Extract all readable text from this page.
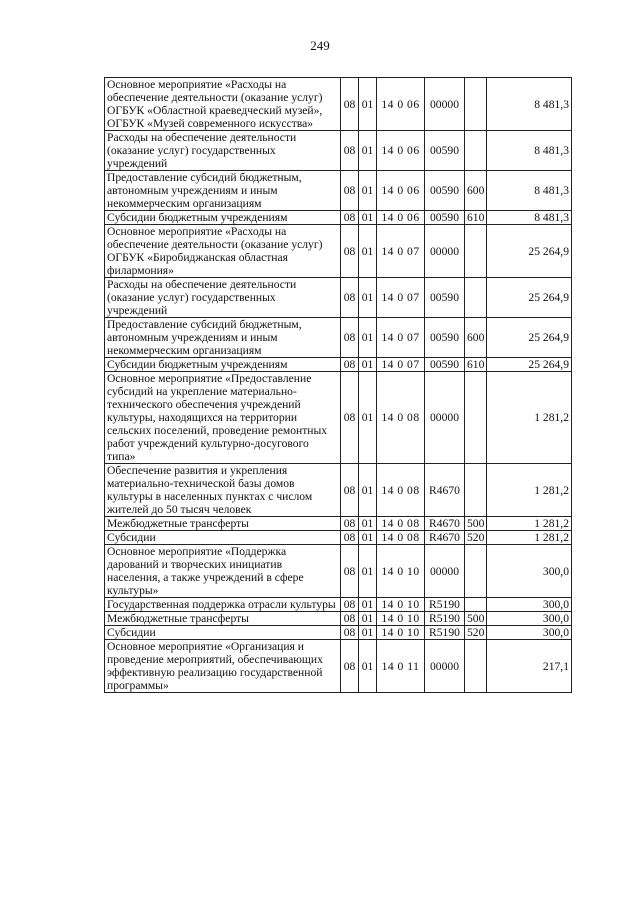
249
Основное мероприятие «Расходы на обеспечение деятельности (оказание услуг) ОГБУК «Областной краеведческий музей», ОГБУК «Музей современного искусства»	08	01	14 0 06	00000		8 481,3
Расходы на обеспечение деятельности (оказание услуг) государственных учреждений	08	01	14 0 06	00590		8 481,3
Предоставление субсидий бюджетным, автономным учреждениям и иным некоммерческим организациям	08	01	14 0 06	00590	600	8 481,3
Субсидии бюджетным учреждениям	08	01	14 0 06	00590	610	8 481,3
Основное мероприятие «Расходы на обеспечение деятельности (оказание услуг) ОГБУК «Биробиджанская областная филармония»	08	01	14 0 07	00000		25 264,9
Расходы на обеспечение деятельности (оказание услуг) государственных учреждений	08	01	14 0 07	00590		25 264,9
Предоставление субсидий бюджетным, автономным учреждениям и иным некоммерческим организациям	08	01	14 0 07	00590	600	25 264,9
Субсидии бюджетным учреждениям	08	01	14 0 07	00590	610	25 264,9
Основное мероприятие «Предоставление субсидий на укрепление материально-технического обеспечения учреждений культуры, находящихся на территории сельских поселений, проведение ремонтных работ учреждений культурно-досугового типа»	08	01	14 0 08	00000		1 281,2
Обеспечение развития и укрепления материально-технической базы домов культуры в населенных пунктах с числом жителей до 50 тысяч человек	08	01	14 0 08	R4670		1 281,2
Межбюджетные трансферты	08	01	14 0 08	R4670	500	1 281,2
Субсидии	08	01	14 0 08	R4670	520	1 281,2
Основное мероприятие «Поддержка дарований и творческих инициатив населения, а также учреждений в сфере культуры»	08	01	14 0 10	00000		300,0
Государственная поддержка отрасли культуры	08	01	14 0 10	R5190		300,0
Межбюджетные трансферты	08	01	14 0 10	R5190	500	300,0
Субсидии	08	01	14 0 10	R5190	520	300,0
Основное мероприятие «Организация и проведение мероприятий, обеспечивающих эффективную реализацию государственной программы»	08	01	14 0 11	00000		217,1
